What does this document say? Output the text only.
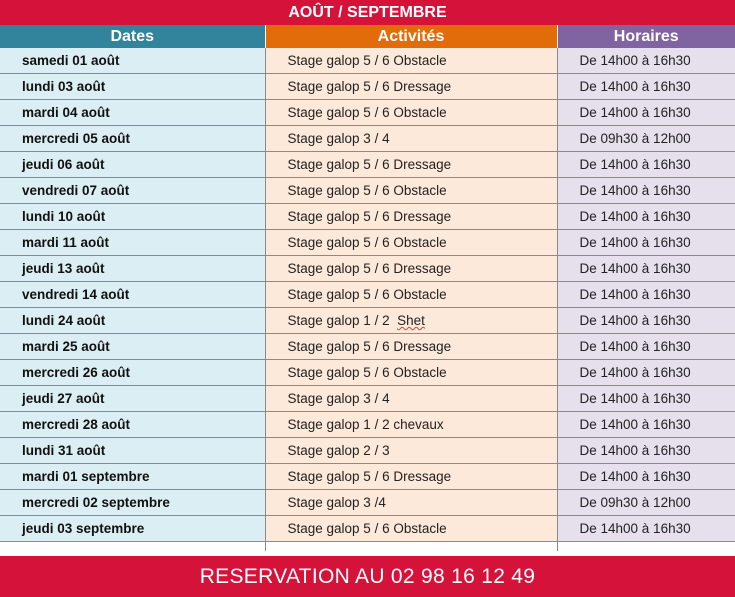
AOÛT / SEPTEMBRE
Dates	Activités	Horaires
samedi 01 août	Stage galop 5 / 6 Obstacle	De 14h00 à 16h30
lundi 03 août	Stage galop 5 / 6 Dressage	De 14h00 à 16h30
mardi 04 août	Stage galop 5 / 6 Obstacle	De 14h00 à 16h30
mercredi 05 août	Stage galop 3 / 4	De 09h30 à 12h00
jeudi 06 août	Stage galop 5 / 6 Dressage	De 14h00 à 16h30
vendredi 07 août	Stage galop 5 / 6 Obstacle	De 14h00 à 16h30
lundi 10 août	Stage galop 5 / 6 Dressage	De 14h00 à 16h30
mardi 11 août	Stage galop 5 / 6 Obstacle	De 14h00 à 16h30
jeudi 13 août	Stage galop 5 / 6 Dressage	De 14h00 à 16h30
vendredi 14 août	Stage galop 5 / 6 Obstacle	De 14h00 à 16h30
lundi 24 août	Stage galop 1 / 2  Shet	De 14h00 à 16h30
mardi 25 août	Stage galop 5 / 6 Dressage	De 14h00 à 16h30
mercredi 26 août	Stage galop 5 / 6 Obstacle	De 14h00 à 16h30
jeudi 27 août	Stage galop 3 / 4	De 14h00 à 16h30
mercredi 28 août	Stage galop 1 / 2 chevaux	De 14h00 à 16h30
lundi 31 août	Stage galop 2 / 3	De 14h00 à 16h30
mardi 01 septembre	Stage galop 5 / 6 Dressage	De 14h00 à 16h30
mercredi 02 septembre	Stage galop 3 /4	De 09h30 à 12h00
jeudi 03 septembre	Stage galop 5 / 6 Obstacle	De 14h00 à 16h30

RESERVATION AU 02 98 16 12 49
